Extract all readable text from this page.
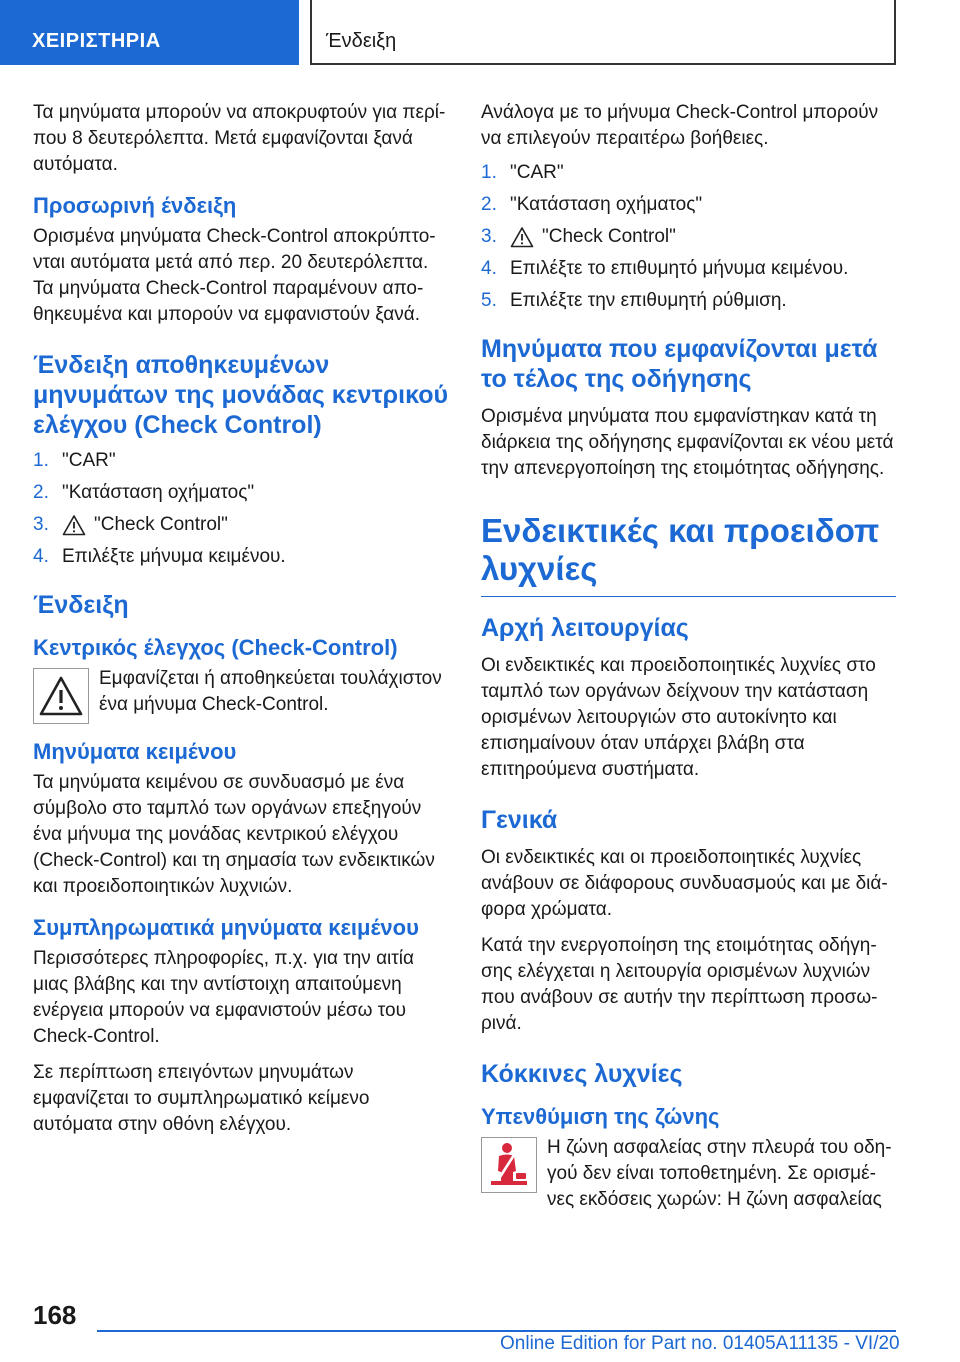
ΧΕΙΡΙΣΤΗΡΙΑ	Ένδειξη

Τα μηνύματα μπορούν να αποκρυφτούν για περίπου 8 δευτερόλεπτα. Μετά εμφανίζονται ξανά αυτόματα.

Προσωρινή ένδειξη

Ορισμένα μηνύματα Check-Control αποκρύπτονται αυτόματα μετά από περ. 20 δευτερόλεπτα. Τα μηνύματα Check-Control παραμένουν αποθηκευμένα και μπορούν να εμφανιστούν ξανά.

Ένδειξη αποθηκευμένων μηνυμάτων της μονάδας κεντρικού ελέγχου (Check Control)
1. "CAR"
2. "Κατάσταση οχήματος"
3.	"Check Control"
4. Επιλέξτε μήνυμα κειμένου.
Ένδειξη
Κεντρικός έλεγχος (Check-Control)

Εμφανίζεται ή αποθηκεύεται τουλάχιστον ένα μήνυμα Check-Control.

Μηνύματα κειμένου

Τα μηνύματα κειμένου σε συνδυασμό με ένα σύμβολο στο ταμπλό των οργάνων επεξηγούν ένα μήνυμα της μονάδας κεντρικού ελέγχου (Check-Control) και τη σημασία των ενδεικτικών και προειδοποιητικών λυχνιών.

Συμπληρωματικά μηνύματα κειμένου

Περισσότερες πληροφορίες, π.χ. για την αιτία μιας βλάβης και την αντίστοιχη απαιτούμενη ενέργεια μπορούν να εμφανιστούν μέσω του Check-Control.

Σε περίπτωση επειγόντων μηνυμάτων εμφανίζεται το συμπληρωματικό κείμενο αυτόματα στην οθόνη ελέγχου.

Ανάλογα με το μήνυμα Check-Control μπορούν να επιλεγούν περαιτέρω βοήθειες.

1. "CAR"
2. "Κατάσταση οχήματος"
3.	"Check Control"
4. Επιλέξτε το επιθυμητό μήνυμα κειμένου.
5. Επιλέξτε την επιθυμητή ρύθμιση.
Μηνύματα που εμφανίζονται μετά το τέλος της οδήγησης

Ορισμένα μηνύματα που εμφανίστηκαν κατά τη διάρκεια της οδήγησης εμφανίζονται εκ νέου μετά την απενεργοποίηση της ετοιμότητας οδήγησης.

Ενδεικτικές και προειδοπ λυχνίες
Αρχή λειτουργίας

Οι ενδεικτικές και προειδοποιητικές λυχνίες στο ταμπλό των οργάνων δείχνουν την κατάσταση ορισμένων λειτουργιών στο αυτοκίνητο και επισημαίνουν όταν υπάρχει βλάβη στα επιτηρούμενα συστήματα.

Γενικά

Οι ενδεικτικές και οι προειδοποιητικές λυχνίες ανάβουν σε διάφορους συνδυασμούς και με διάφορα χρώματα.

Κατά την ενεργοποίηση της ετοιμότητας οδήγησης ελέγχεται η λειτουργία ορισμένων λυχνιών που ανάβουν σε αυτήν την περίπτωση προσωρινά.

Κόκκινες λυχνίες
Υπενθύμιση της ζώνης

Η ζώνη ασφαλείας στην πλευρά του οδηγού δεν είναι τοποθετημένη. Σε ορισμένες εκδόσεις χωρών: Η ζώνη ασφαλείας

168
Online Edition for Part no. 01405A11135 - VI/20
